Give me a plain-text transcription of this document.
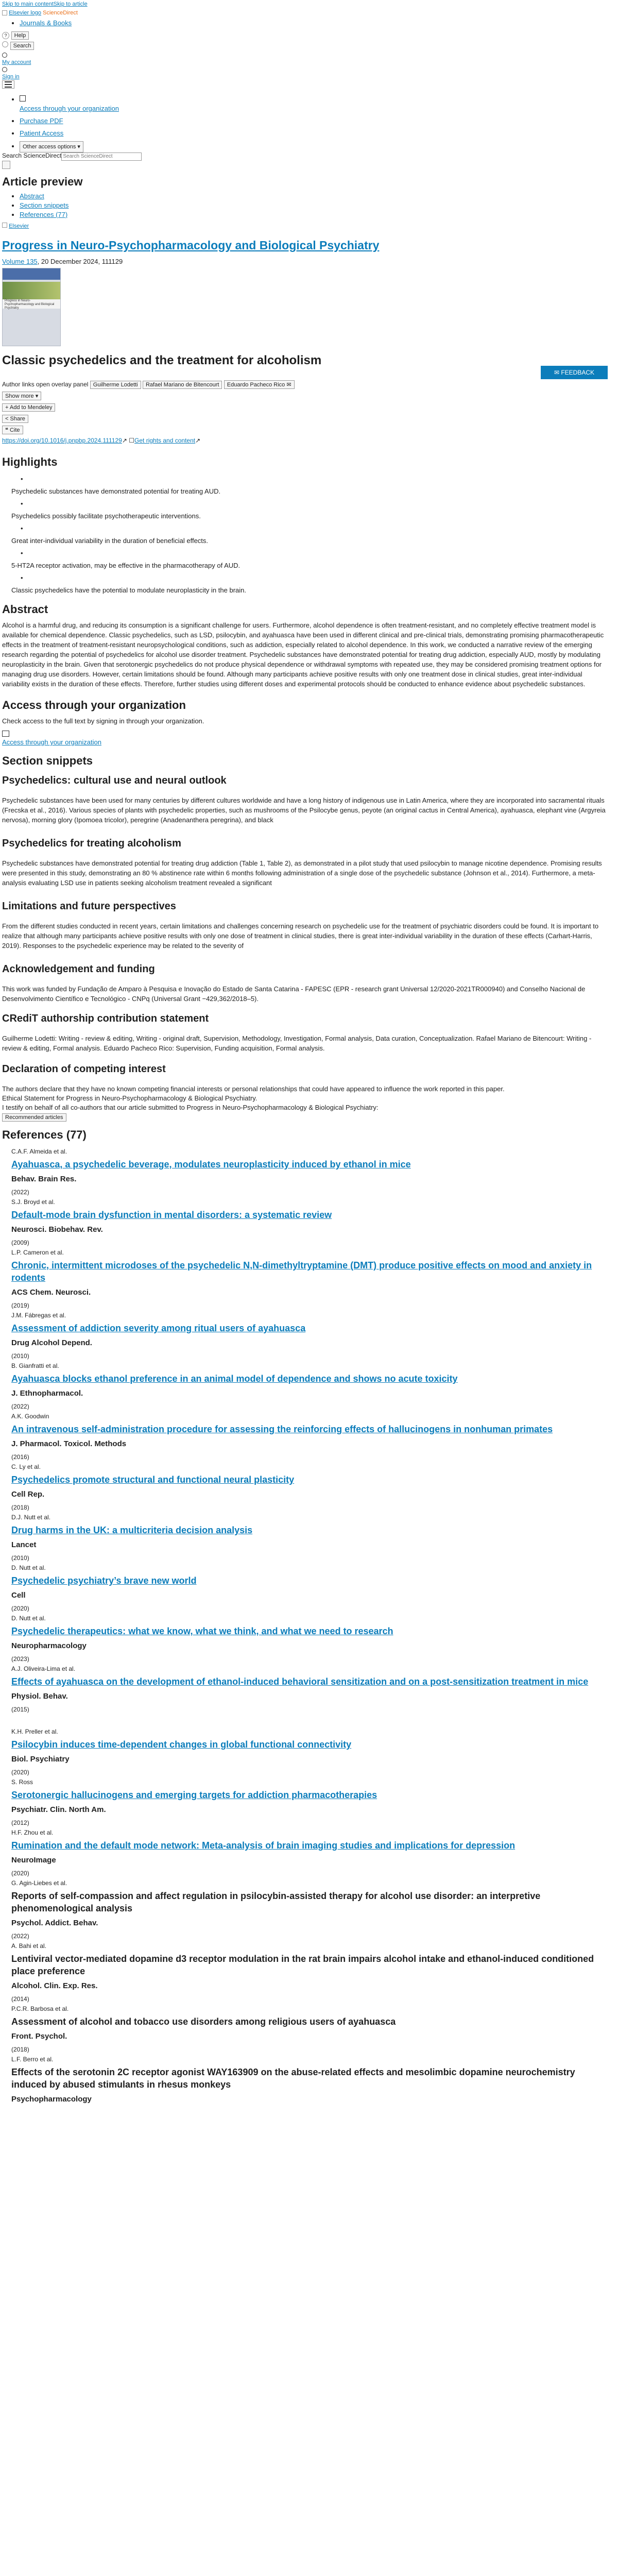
Skip to main contentSkip to article
Elsevier logo ScienceDirect
• Journals & Books
? Help
Search

My account

Sign in

• Access through your organization
• Purchase PDF
• Patient Access
• Other access options ▾
Search ScienceDirectSearch ScienceDirect
Article preview
• Abstract
• Section snippets
• References (77)
Elsevier
Progress in Neuro-Psychopharmacology and Biological Psychiatry
Volume 135, 20 December 2024, 111129
Progress in Neuro-Psychopharmacology and Biological Psychiatry
Classic psychedelics and the treatment for alcoholism
✉ FEEDBACK
Author links open overlay panel Guilherme Lodetti Rafael Mariano de Bitencourt Eduardo Pacheco Rico ✉
Show more ▾
+ Add to Mendeley
< Share
❝ Cite
https://doi.org/10.1016/j.pnpbp.2024.111129↗ ☐Get rights and content↗
Highlights
•
Psychedelic substances have demonstrated potential for treating AUD.
•
Psychedelics possibly facilitate psychotherapeutic interventions.
•
Great inter-individual variability in the duration of beneficial effects.
•
5-HT2A receptor activation, may be effective in the pharmacotherapy of AUD.
•
Classic psychedelics have the potential to modulate neuroplasticity in the brain.
Abstract

Alcohol is a harmful drug, and reducing its consumption is a significant challenge for users. Furthermore, alcohol dependence is often treatment-resistant, and no completely effective treatment model is available for chemical dependence. Classic psychedelics, such as LSD, psilocybin, and ayahuasca have been used in different clinical and pre-clinical trials, demonstrating promising pharmacotherapeutic effects in the treatment of treatment-resistant neuropsychological conditions, such as addiction, especially related to alcohol dependence. In this work, we conducted a narrative review of the emerging research regarding the potential of psychedelics for alcohol use disorder treatment. Psychedelic substances have demonstrated potential for treating drug addiction, especially AUD, mostly by modulating neuroplasticity in the brain. Given that serotonergic psychedelics do not produce physical dependence or withdrawal symptoms with repeated use, they may be considered promising treatment options for managing drug use disorders. However, certain limitations should be found. Although many participants achieve positive results with only one treatment dose in clinical studies, great inter-individual variability exists in the duration of these effects. Therefore, further studies using different doses and experimental protocols should be conducted to enhance evidence about psychedelic substances.

Access through your organization
Check access to the full text by signing in through your organization.

Access through your organization
Section snippets
Psychedelics: cultural use and neural outlook

Psychedelic substances have been used for many centuries by different cultures worldwide and have a long history of indigenous use in Latin America, where they are incorporated into sacramental rituals (Frecska et al., 2016). Various species of plants with psychedelic properties, such as mushrooms of the Psilocybe genus, peyote (an original cactus in Central America), ayahuasca, elephant vine (Argyreia nervosa), morning glory (Ipomoea tricolor), peregrine (Anadenanthera peregrina), and black

Psychedelics for treating alcoholism

Psychedelic substances have demonstrated potential for treating drug addiction (Table 1, Table 2), as demonstrated in a pilot study that used psilocybin to manage nicotine dependence. Promising results were presented in this study, demonstrating an 80 % abstinence rate within 6 months following administration of a single dose of the psychedelic substance (Johnson et al., 2014). Furthermore, a meta-analysis evaluating LSD use in patients seeking alcoholism treatment revealed a significant

Limitations and future perspectives

From the different studies conducted in recent years, certain limitations and challenges concerning research on psychedelic use for the treatment of psychiatric disorders could be found. It is important to realize that although many participants achieve positive results with only one dose of treatment in clinical studies, there is great inter-individual variability in the duration of these effects (Carhart-Harris, 2019). Responses to the psychedelic experience may be related to the severity of

Acknowledgement and funding

This work was funded by Fundação de Amparo à Pesquisa e Inovação do Estado de Santa Catarina - FAPESC (EPR - research grant Universal 12/2020-2021TR000940) and Conselho Nacional de Desenvolvimento Científico e Tecnológico - CNPq (Universal Grant −429,362/2018–5).

CRediT authorship contribution statement

Guilherme Lodetti: Writing - review & editing, Writing - original draft, Supervision, Methodology, Investigation, Formal analysis, Data curation, Conceptualization. Rafael Mariano de Bitencourt: Writing - review & editing, Formal analysis. Eduardo Pacheco Rico: Supervision, Funding acquisition, Formal analysis.

Declaration of competing interest

The authors declare that they have no known competing financial interests or personal relationships that could have appeared to influence the work reported in this paper.

Ethical Statement for Progress in Neuro-Psychopharmacology & Biological Psychiatry.
I testify on behalf of all co-authors that our article submitted to Progress in Neuro-Psychopharmacology & Biological Psychiatry:
Recommended articles
References (77)
C.A.F. Almeida et al.
Ayahuasca, a psychedelic beverage, modulates neuroplasticity induced by ethanol in mice
Behav. Brain Res.
(2022)
S.J. Broyd et al.
Default-mode brain dysfunction in mental disorders: a systematic review
Neurosci. Biobehav. Rev.
(2009)
L.P. Cameron et al.
Chronic, intermittent microdoses of the psychedelic N,N-dimethyltryptamine (DMT) produce positive effects on mood and anxiety in rodents
ACS Chem. Neurosci.
(2019)
J.M. Fábregas et al.
Assessment of addiction severity among ritual users of ayahuasca
Drug Alcohol Depend.
(2010)
B. Gianfratti et al.
Ayahuasca blocks ethanol preference in an animal model of dependence and shows no acute toxicity
J. Ethnopharmacol.
(2022)
A.K. Goodwin
An intravenous self-administration procedure for assessing the reinforcing effects of hallucinogens in nonhuman primates
J. Pharmacol. Toxicol. Methods
(2016)
C. Ly et al.
Psychedelics promote structural and functional neural plasticity
Cell Rep.
(2018)
D.J. Nutt et al.
Drug harms in the UK: a multicriteria decision analysis
Lancet
(2010)
D. Nutt et al.
Psychedelic psychiatry’s brave new world
Cell
(2020)
D. Nutt et al.
Psychedelic therapeutics: what we know, what we think, and what we need to research
Neuropharmacology
(2023)
A.J. Oliveira-Lima et al.
Effects of ayahuasca on the development of ethanol-induced behavioral sensitization and on a post-sensitization treatment in mice
Physiol. Behav.
(2015)
K.H. Preller et al.
Psilocybin induces time-dependent changes in global functional connectivity
Biol. Psychiatry
(2020)
S. Ross
Serotonergic hallucinogens and emerging targets for addiction pharmacotherapies
Psychiatr. Clin. North Am.
(2012)
H.F. Zhou et al.
Rumination and the default mode network: Meta-analysis of brain imaging studies and implications for depression
NeuroImage
(2020)
G. Agin-Liebes et al.
Reports of self-compassion and affect regulation in psilocybin-assisted therapy for alcohol use disorder: an interpretive phenomenological analysis
Psychol. Addict. Behav.
(2022)
A. Bahi et al.
Lentiviral vector-mediated dopamine d3 receptor modulation in the rat brain impairs alcohol intake and ethanol-induced conditioned place preference
Alcohol. Clin. Exp. Res.
(2014)
P.C.R. Barbosa et al.
Assessment of alcohol and tobacco use disorders among religious users of ayahuasca
Front. Psychol.
(2018)
L.F. Berro et al.
Effects of the serotonin 2C receptor agonist WAY163909 on the abuse-related effects and mesolimbic dopamine neurochemistry induced by abused stimulants in rhesus monkeys
Psychopharmacology
